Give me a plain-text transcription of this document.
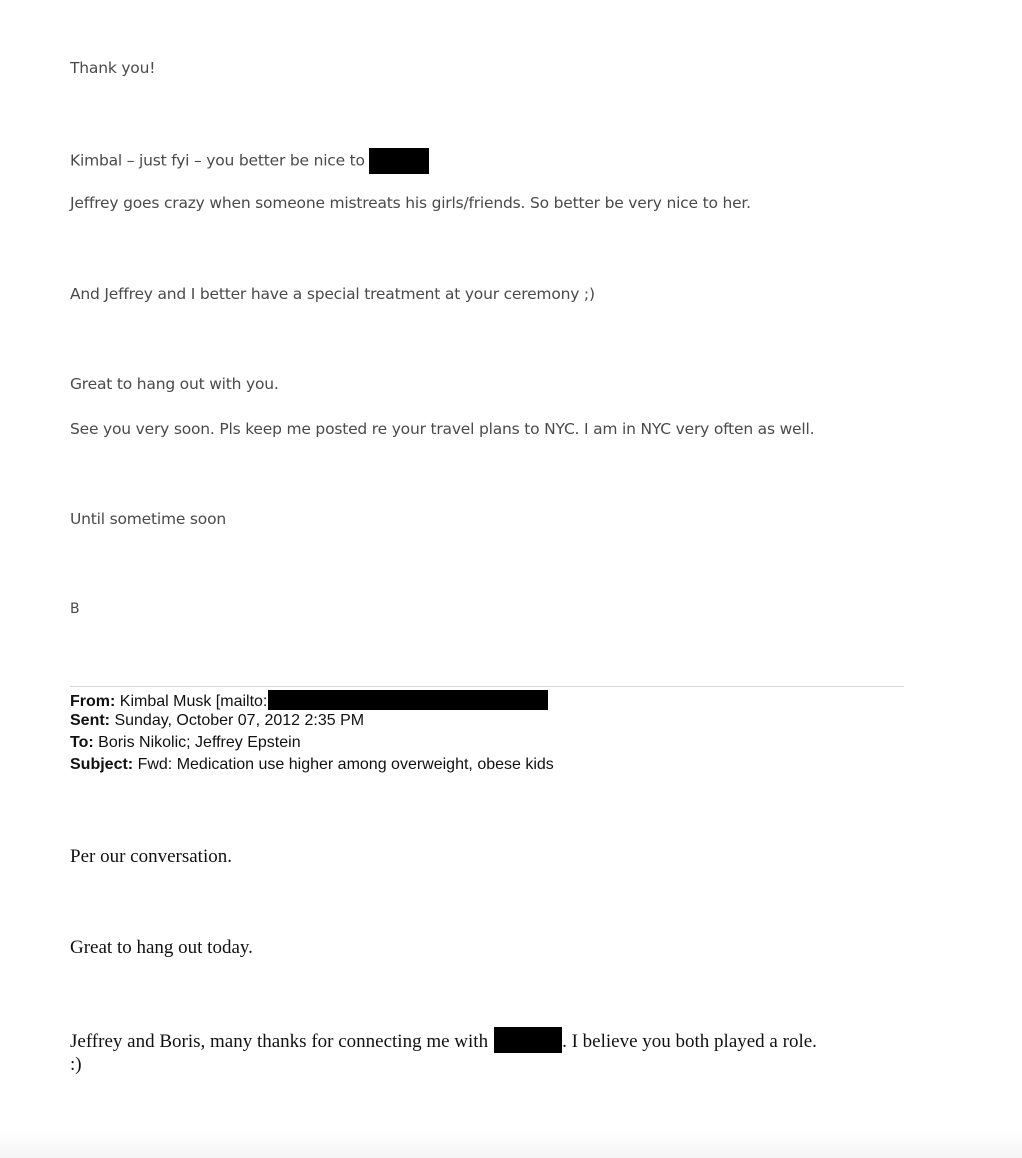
Thank you!
Kimbal – just fyi – you better be nice to
Jeffrey goes crazy when someone mistreats his girls/friends. So better be very nice to her.
And Jeffrey and I better have a special treatment at your ceremony ;)
Great to hang out with you.
See you very soon. Pls keep me posted re your travel plans to NYC. I am in NYC very often as well.
Until sometime soon
B
From: Kimbal Musk [mailto:
Sent: Sunday, October 07, 2012 2:35 PM
To: Boris Nikolic; Jeffrey Epstein
Subject: Fwd: Medication use higher among overweight, obese kids
Per our conversation.
Great to hang out today.
Jeffrey and Boris, many thanks for connecting me with	. I believe you both played a role.
:)
